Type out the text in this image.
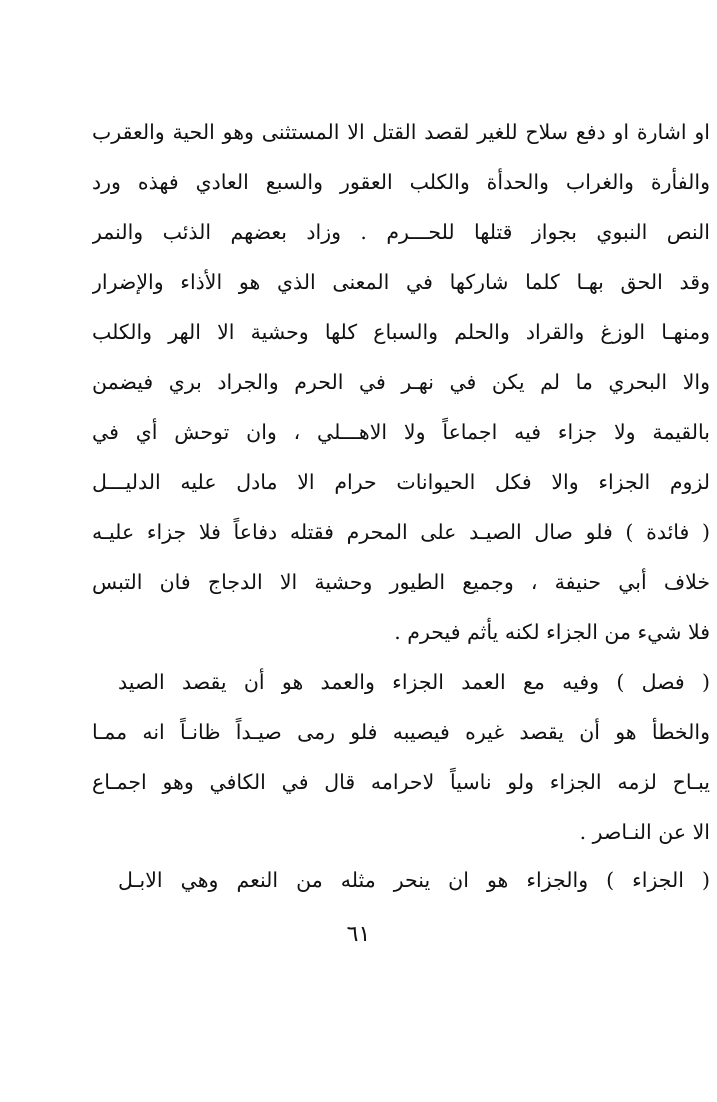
او اشارة او دفع سلاح للغير لقصد القتل الا المستثنى وهو الحية والعقرب
والفأرة والغراب والحدأة والكلب العقور والسبع العادي فهذه ورد
النص النبوي بجواز قتلها للحـــرم . وزاد بعضهم الذئب والنمر
وقد الحق بهـا كلما شاركها في المعنى الذي هو الأذاء والإضرار
ومنهـا الوزغ والقراد والحلم والسباع كلها وحشية الا الهر والكلب
والا البحري ما لم يكن في نهـر في الحرم والجراد بري فيضمن
بالقيمة ولا جزاء فيه اجماعاً ولا الاهـــلي ، وان توحش أي في
لزوم الجزاء والا فكل الحيوانات حرام الا مادل عليه الدليـــل
( فائدة ) فلو صال الصيـد على المحرم فقتله دفاعاً فلا جزاء عليـه
خلاف أبي حنيفة ، وجميع الطيور وحشية الا الدجاج فان التبس
فلا شيء من الجزاء لكنه يأثم فيحرم .
( فصل ) وفيه مع العمد الجزاء والعمد هو أن يقصد الصيد
والخطأ هو أن يقصد غيره فيصيبه فلو رمى صيـداً ظانـاً انه ممـا
يبـاح لزمه الجزاء ولو ناسياً لاحرامه قال في الكافي وهو اجمـاع
الا عن النـاصر .
( الجزاء ) والجزاء هو ان ينحر مثله من النعم وهي الابـل
٦١
